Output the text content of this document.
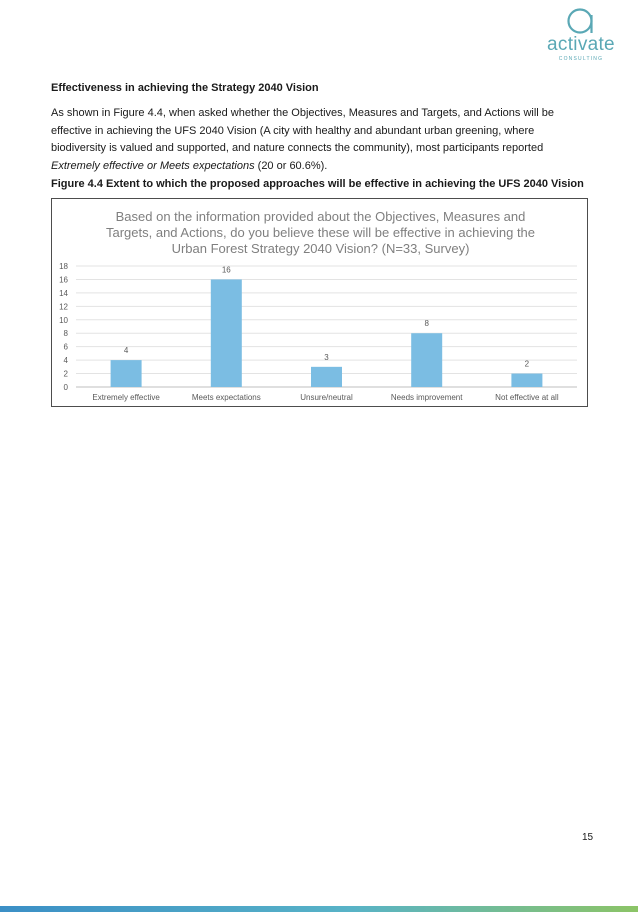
activate
CONSULTING
Effectiveness in achieving the Strategy 2040 Vision
As shown in Figure 4.4, when asked whether the Objectives, Measures and Targets, and Actions will be effective in achieving the UFS 2040 Vision (A city with healthy and abundant urban greening, where biodiversity is valued and supported, and nature connects the community), most participants reported Extremely effective or Meets expectations (20 or 60.6%).
Figure 4.4 Extent to which the proposed approaches will be effective in achieving the UFS 2040 Vision
Based on the information provided about the Objectives, Measures and Targets, and Actions, do you believe these will be effective in achieving the Urban Forest Strategy 2040 Vision? (N=33, Survey)
0
2
4
6
8
10
12
14
16
18
4
Extremely effective
16
Meets expectations
3
Unsure/neutral
8
Needs improvement
2
Not effective at all
15
